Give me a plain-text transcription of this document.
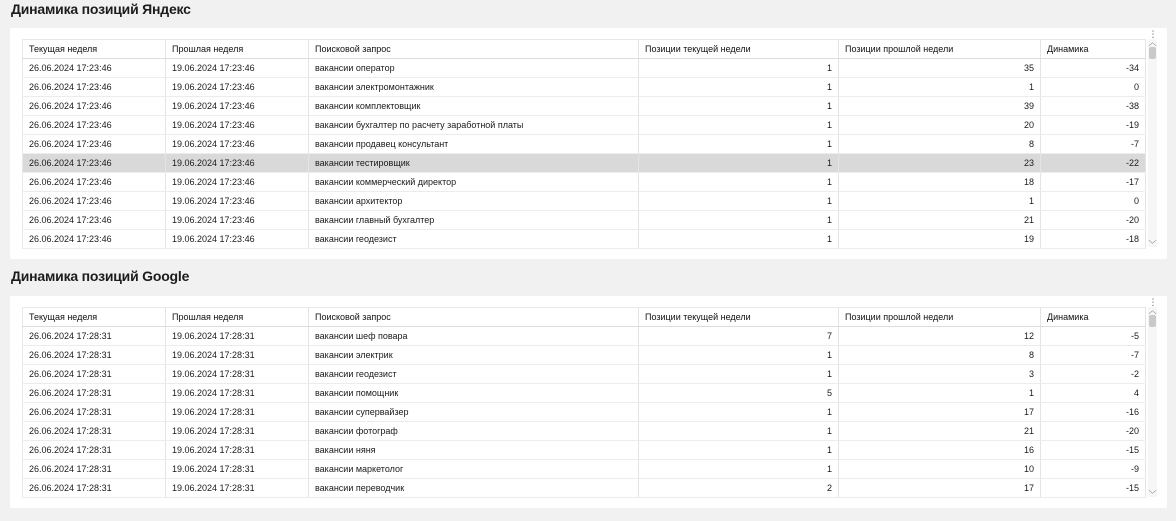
Динамика позиций Яндекс
⋮
Текущая неделя	Прошлая неделя	Поисковой запрос	Позиции текущей недели	Позиции прошлой недели	Динамика
26.06.2024 17:23:46	19.06.2024 17:23:46	вакансии оператор	1	35	-34
26.06.2024 17:23:46	19.06.2024 17:23:46	вакансии электромонтажник	1	1	0
26.06.2024 17:23:46	19.06.2024 17:23:46	вакансии комплектовщик	1	39	-38
26.06.2024 17:23:46	19.06.2024 17:23:46	вакансии бухгалтер по расчету заработной платы	1	20	-19
26.06.2024 17:23:46	19.06.2024 17:23:46	вакансии продавец консультант	1	8	-7
26.06.2024 17:23:46	19.06.2024 17:23:46	вакансии тестировщик	1	23	-22
26.06.2024 17:23:46	19.06.2024 17:23:46	вакансии коммерческий директор	1	18	-17
26.06.2024 17:23:46	19.06.2024 17:23:46	вакансии архитектор	1	1	0
26.06.2024 17:23:46	19.06.2024 17:23:46	вакансии главный бухгалтер	1	21	-20
26.06.2024 17:23:46	19.06.2024 17:23:46	вакансии геодезист	1	19	-18
︿
﹀
Динамика позиций Google
⋮
Текущая неделя	Прошлая неделя	Поисковой запрос	Позиции текущей недели	Позиции прошлой недели	Динамика
26.06.2024 17:28:31	19.06.2024 17:28:31	вакансии шеф повара	7	12	-5
26.06.2024 17:28:31	19.06.2024 17:28:31	вакансии электрик	1	8	-7
26.06.2024 17:28:31	19.06.2024 17:28:31	вакансии геодезист	1	3	-2
26.06.2024 17:28:31	19.06.2024 17:28:31	вакансии помощник	5	1	4
26.06.2024 17:28:31	19.06.2024 17:28:31	вакансии супервайзер	1	17	-16
26.06.2024 17:28:31	19.06.2024 17:28:31	вакансии фотограф	1	21	-20
26.06.2024 17:28:31	19.06.2024 17:28:31	вакансии няня	1	16	-15
26.06.2024 17:28:31	19.06.2024 17:28:31	вакансии маркетолог	1	10	-9
26.06.2024 17:28:31	19.06.2024 17:28:31	вакансии переводчик	2	17	-15
︿
﹀
